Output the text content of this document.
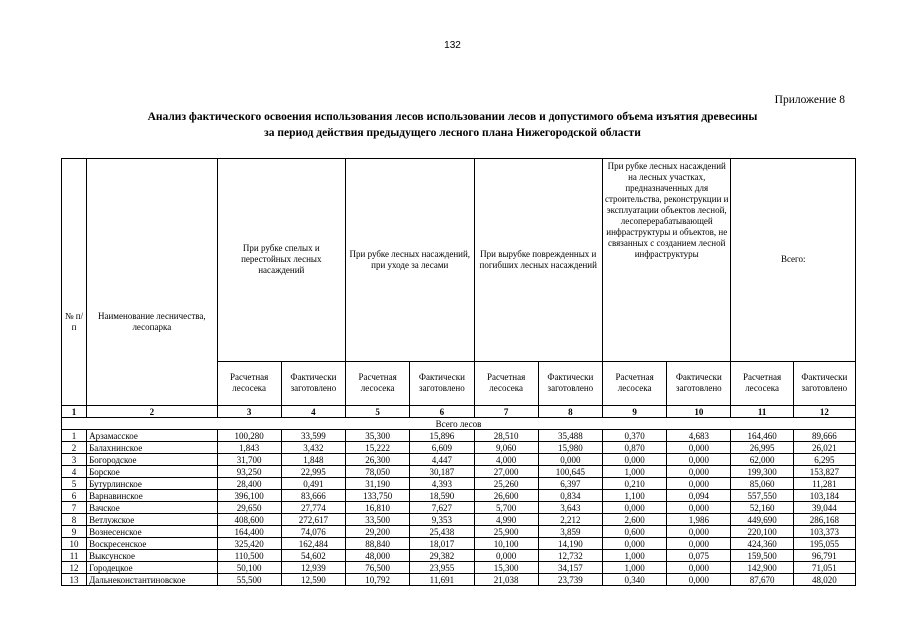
132
Приложение 8
Анализ фактического освоения использования лесов использовании лесов и допустимого объема изъятия древесины
за период действия предыдущего лесного плана Нижегородской области
№ п/п	Наименование лесничества, лесопарка	При рубке спелых и перестойных лесных насаждений		При рубке лесных насаждений, при уходе за лесами		При вырубке поврежденных и погибших лесных насаждений		При рубке лесных насаждений на лесных участках, предназначенных для строительства, реконструкции и эксплуатации объектов лесной, лесоперерабатывающей инфраструктуры и объектов, не связанных с созданием лесной инфраструктуры		Всего:	
		Расчетная лесосека	Фактически заготовлено	Расчетная лесосека	Фактически заготовлено	Расчетная лесосека	Фактически заготовлено	Расчетная лесосека	Фактически заготовлено	Расчетная лесосека	Фактически заготовлено
1	2	3	4	5	6	7	8	9	10	11	12
Всего лесов											
1	Арзамасское	100,280	33,599	35,300	15,896	28,510	35,488	0,370	4,683	164,460	89,666
2	Балахнинское	1,843	3,432	15,222	6,609	9,060	15,980	0,870	0,000	26,995	26,021
3	Богородское	31,700	1,848	26,300	4,447	4,000	0,000	0,000	0,000	62,000	6,295
4	Борское	93,250	22,995	78,050	30,187	27,000	100,645	1,000	0,000	199,300	153,827
5	Бутурлинское	28,400	0,491	31,190	4,393	25,260	6,397	0,210	0,000	85,060	11,281
6	Варнавинское	396,100	83,666	133,750	18,590	26,600	0,834	1,100	0,094	557,550	103,184
7	Вачское	29,650	27,774	16,810	7,627	5,700	3,643	0,000	0,000	52,160	39,044
8	Ветлужское	408,600	272,617	33,500	9,353	4,990	2,212	2,600	1,986	449,690	286,168
9	Вознесенское	164,400	74,076	29,200	25,438	25,900	3,859	0,600	0,000	220,100	103,373
10	Воскресенское	325,420	162,484	88,840	18,017	10,100	14,190	0,000	0,000	424,360	195,055
11	Выксунское	110,500	54,602	48,000	29,382	0,000	12,732	1,000	0,075	159,500	96,791
12	Городецкое	50,100	12,939	76,500	23,955	15,300	34,157	1,000	0,000	142,900	71,051
13	Дальнеконстантиновское	55,500	12,590	10,792	11,691	21,038	23,739	0,340	0,000	87,670	48,020
